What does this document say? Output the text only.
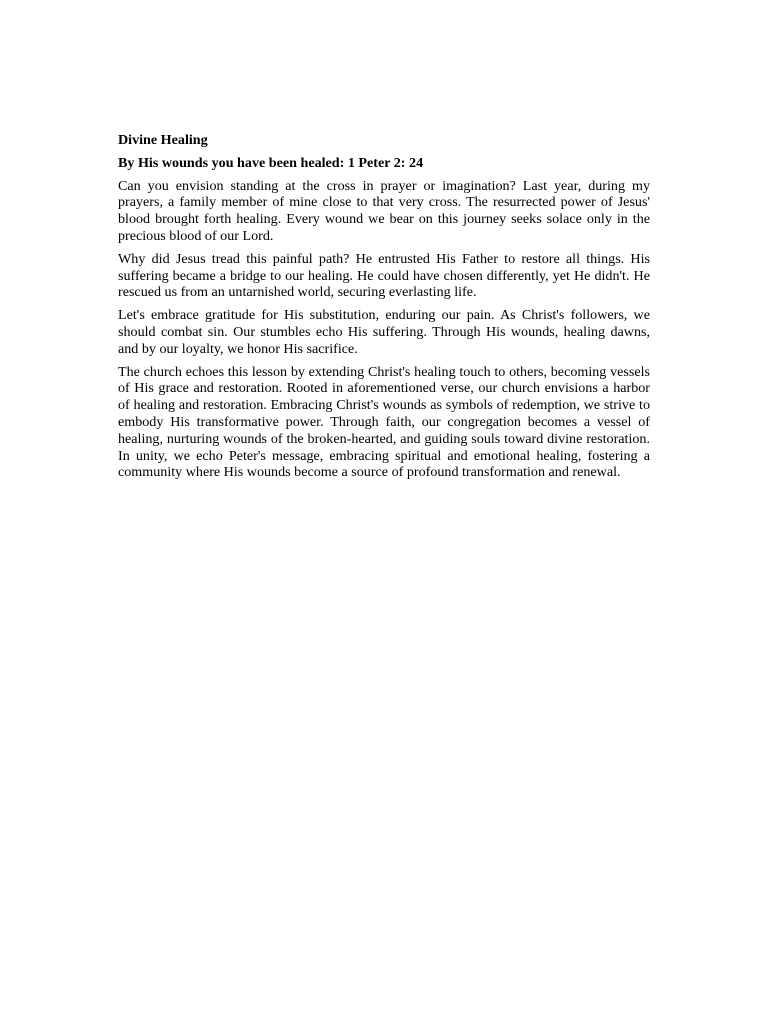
Divine Healing
By His wounds you have been healed: 1 Peter 2: 24

Can you envision standing at the cross in prayer or imagination? Last year, during my prayers, a family member of mine close to that very cross. The resurrected power of Jesus' blood brought forth healing. Every wound we bear on this journey seeks solace only in the precious blood of our Lord.

Why did Jesus tread this painful path? He entrusted His Father to restore all things. His suffering became a bridge to our healing. He could have chosen differently, yet He didn't. He rescued us from an untarnished world, securing everlasting life.

Let's embrace gratitude for His substitution, enduring our pain. As Christ's followers, we should combat sin. Our stumbles echo His suffering. Through His wounds, healing dawns, and by our loyalty, we honor His sacrifice.

The church echoes this lesson by extending Christ's healing touch to others, becoming vessels of His grace and restoration. Rooted in aforementioned verse, our church envisions a harbor of healing and restoration. Embracing Christ's wounds as symbols of redemption, we strive to embody His transformative power. Through faith, our congregation becomes a vessel of healing, nurturing wounds of the broken-hearted, and guiding souls toward divine restoration. In unity, we echo Peter's message, embracing spiritual and emotional healing, fostering a community where His wounds become a source of profound transformation and renewal.
